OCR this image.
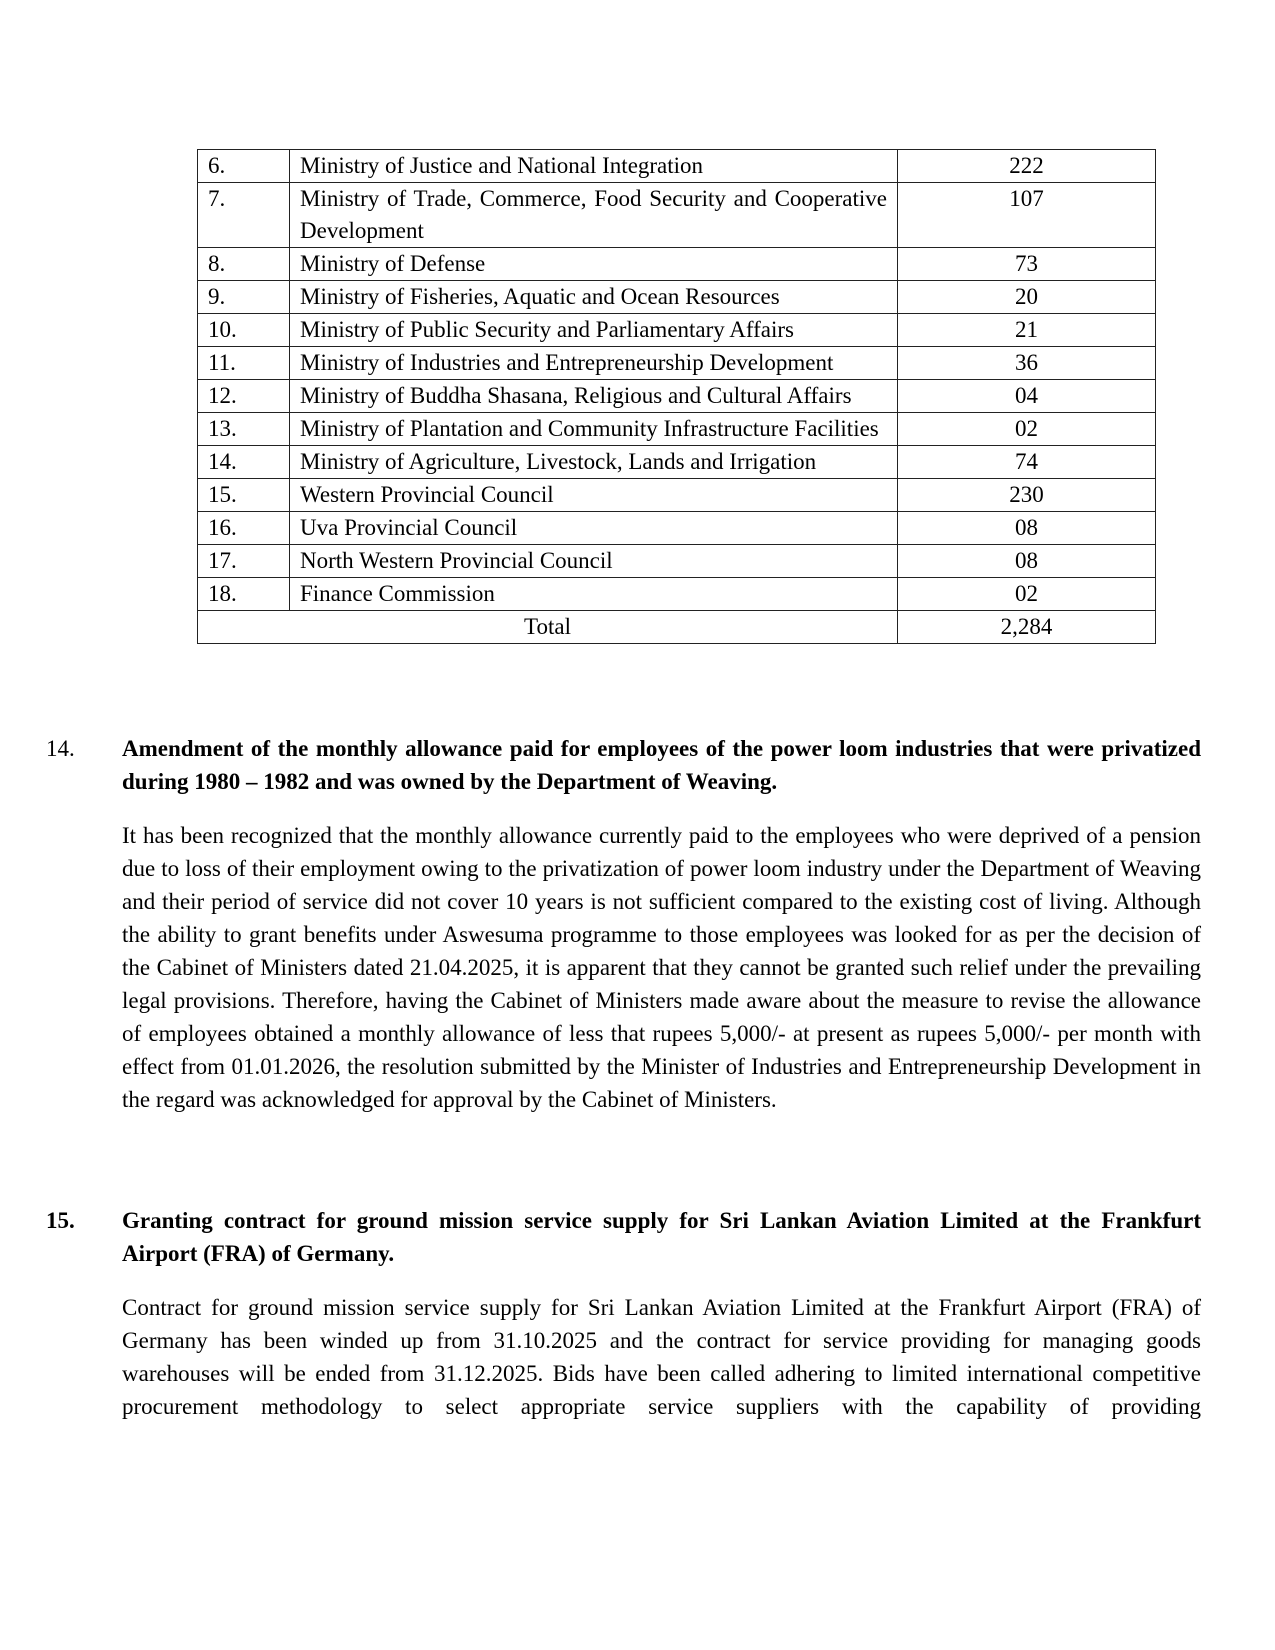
6.	Ministry of Justice and National Integration	222
7.	Ministry of Trade, Commerce, Food Security and Cooperative Development	107
8.	Ministry of Defense	73
9.	Ministry of Fisheries, Aquatic and Ocean Resources	20
10.	Ministry of Public Security and Parliamentary Affairs	21
11.	Ministry of Industries and Entrepreneurship Development	36
12.	Ministry of Buddha Shasana, Religious and Cultural Affairs	04
13.	Ministry of Plantation and Community Infrastructure Facilities	02
14.	Ministry of Agriculture, Livestock, Lands and Irrigation	74
15.	Western Provincial Council	230
16.	Uva Provincial Council	08
17.	North Western Provincial Council	08
18.	Finance Commission	02
Total		2,284
14. Amendment of the monthly allowance paid for employees of the power loom industries that were privatized during 1980 – 1982 and was owned by the Department of Weaving.
It has been recognized that the monthly allowance currently paid to the employees who were deprived of a pension due to loss of their employment owing to the privatization of power loom industry under the Department of Weaving and their period of service did not cover 10 years is not sufficient compared to the existing cost of living. Although the ability to grant benefits under Aswesuma programme to those employees was looked for as per the decision of the Cabinet of Ministers dated 21.04.2025, it is apparent that they cannot be granted such relief under the prevailing legal provisions. Therefore, having the Cabinet of Ministers made aware about the measure to revise the allowance of employees obtained a monthly allowance of less that rupees 5,000/- at present as rupees 5,000/- per month with effect from 01.01.2026, the resolution submitted by the Minister of Industries and Entrepreneurship Development in the regard was acknowledged for approval by the Cabinet of Ministers.
15. Granting contract for ground mission service supply for Sri Lankan Aviation Limited at the Frankfurt Airport (FRA) of Germany.
Contract for ground mission service supply for Sri Lankan Aviation Limited at the Frankfurt Airport (FRA) of Germany has been winded up from 31.10.2025 and the contract for service providing for managing goods warehouses will be ended from 31.12.2025. Bids have been called adhering to limited international competitive procurement methodology to select appropriate service suppliers with the capability of providing
